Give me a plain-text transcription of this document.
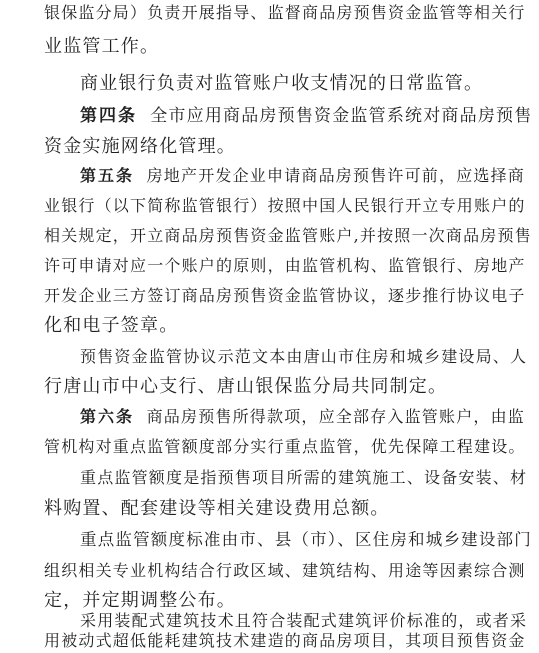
银保监分局）负责开展指导、监督商品房预售资金监管等相关行
业监管工作。
商业银行负责对监管账户收支情况的日常监管。
第四条 全市应用商品房预售资金监管系统对商品房预售
资金实施网络化管理。
第五条 房地产开发企业申请商品房预售许可前，应选择商
业银行（以下简称监管银行）按照中国人民银行开立专用账户的
相关规定，开立商品房预售资金监管账户,并按照一次商品房预售
许可申请对应一个账户的原则，由监管机构、监管银行、房地产
开发企业三方签订商品房预售资金监管协议，逐步推行协议电子
化和电子签章。
预售资金监管协议示范文本由唐山市住房和城乡建设局、人
行唐山市中心支行、唐山银保监分局共同制定。
第六条 商品房预售所得款项，应全部存入监管账户，由监
管机构对重点监管额度部分实行重点监管，优先保障工程建设。
重点监管额度是指预售项目所需的建筑施工、设备安装、材
料购置、配套建设等相关建设费用总额。
重点监管额度标准由市、县（市）、区住房和城乡建设部门
组织相关专业机构结合行政区域、建筑结构、用途等因素综合测
定，并定期调整公布。
采用装配式建筑技术且符合装配式建筑评价标准的，或者采
用被动式超低能耗建筑技术建造的商品房项目，其项目预售资金
